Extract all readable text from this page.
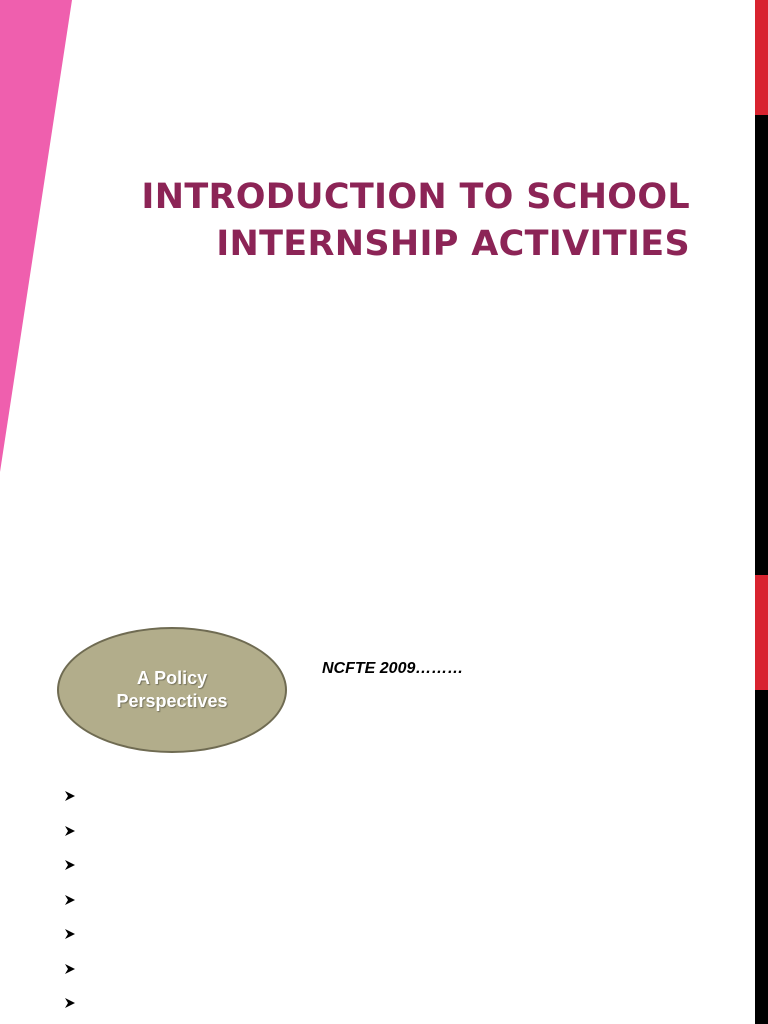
INTRODUCTION TO SCHOOL
INTERNSHIP ACTIVITIES
A Policy
Perspectives

NCFTE 2009………
